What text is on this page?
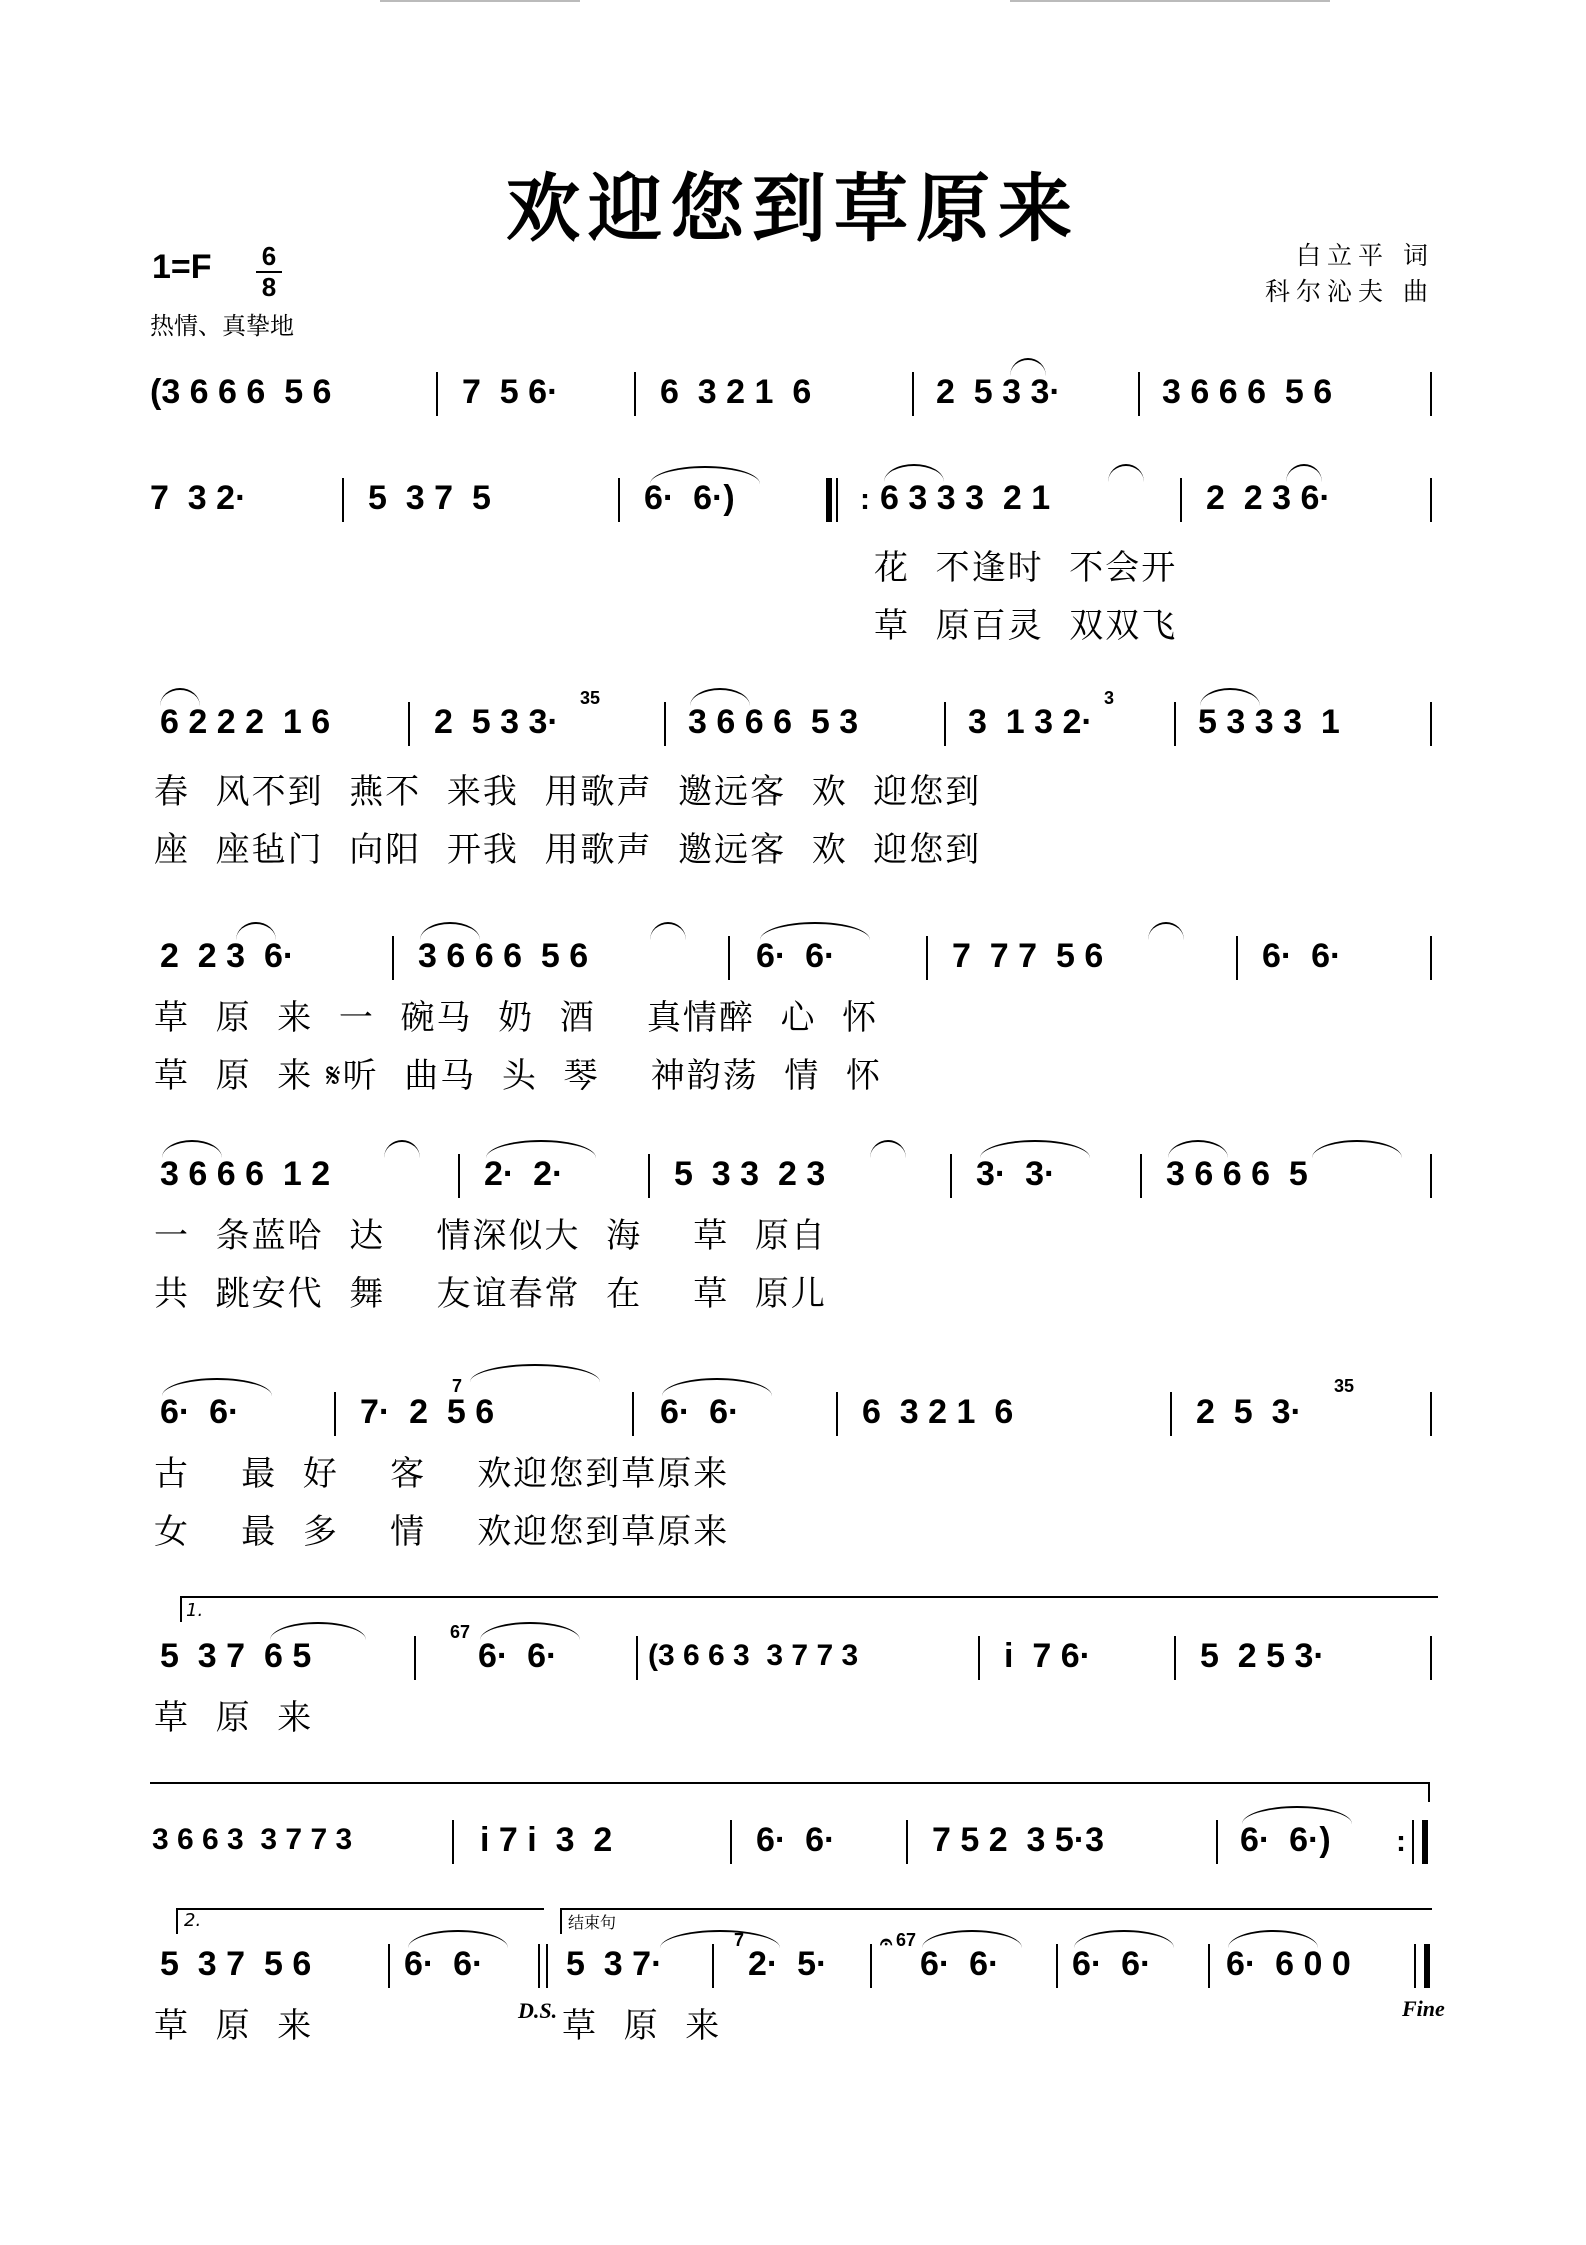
欢迎您到草原来
1=F 6
8
热情、真挚地
白立平 词
科尔沁夫 曲
(3 6 6 6  5 6	7  5 6·	6  3 2 1  6	2  5 3 3·	3 6 6 6  5 6
7  3 2·	5  3 7  5	6·  6·)	: 6 3 3 3  2 1	2  2 3 6·
花  不逢时  不会开
草  原百灵  双双飞
6 2 2 2  1 6	2  5 3 3·
35
3 6 6 6  5 3	3  1 3 2·
3
5 3 3 3  1
春  风不到  燕不  来我  用歌声  邀远客  欢  迎您到
座  座毡门  向阳  开我  用歌声  邀远客  欢  迎您到
2  2 3  6·	3 6 6 6  5 6	6·  6·	7  7 7  5 6	6·  6·
草  原  来  一  碗马  奶  酒    真情醉  心  怀
草  原  来 𝄋听  曲马  头  琴    神韵荡  情  怀
3 6 6 6  1 2	2·  2·	5  3 3  2 3	3·  3·	3 6 6 6  5
一  条蓝哈  达    情深似大  海    草  原自
共  跳安代  舞    友谊春常  在    草  原儿
6·  6·	7·  2  5 6
7
6·  6·	6  3 2 1  6	2  5  3·
35
古    最  好    客    欢迎您到草原来
女    最  多    情    欢迎您到草原来
1.
5  3 7  6 5
67
6·  6·	(3 6 6 3  3 7 7 3	i  7 6·	5  2 5 3·
草  原  来
3 6 6 3  3 7 7 3	i 7 i  3  2	6·  6·	7 5 2  3 5·3	6·  6·) :
2.	结束句
5  3 7  5 6	6·  6· 5  3 7·
7
2·  5·
𝄐 67
6·  6· 6·  6· 6·  6 0 0
草  原  来	D.S. 草  原  来	Fine
